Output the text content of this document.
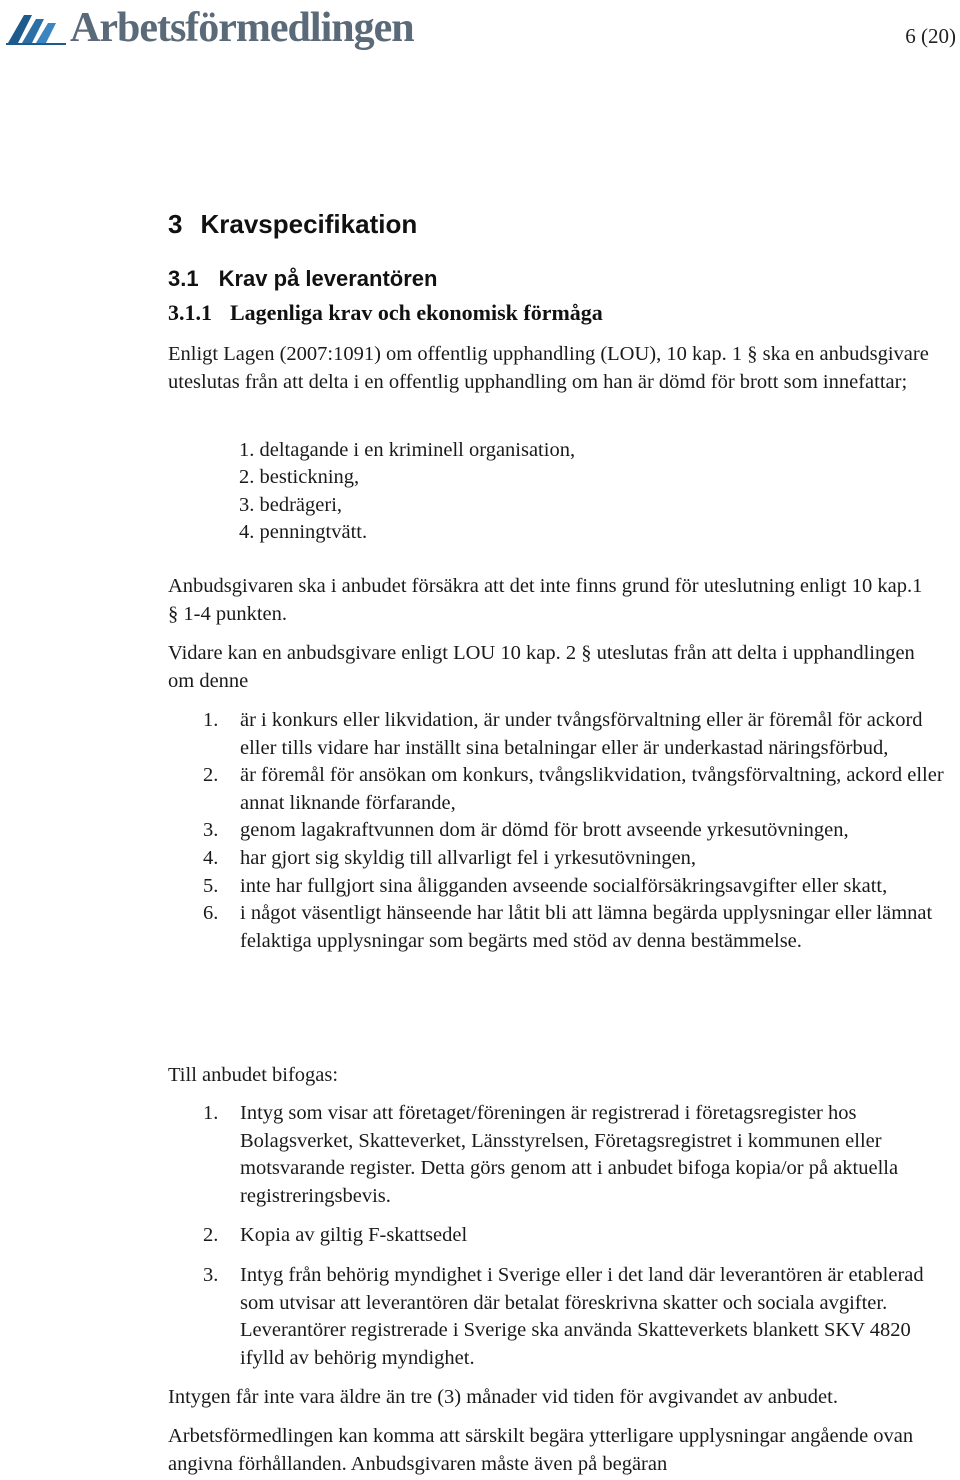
Arbetsförmedlingen	6 (20)
3 Kravspecifikation
3.1 Krav på leverantören
3.1.1 Lagenliga krav och ekonomisk förmåga

Enligt Lagen (2007:1091) om offentlig upphandling (LOU), 10 kap. 1 § ska en anbudsgivare uteslutas från att delta i en offentlig upphandling om han är dömd för brott som innefattar;

1. deltagande i en kriminell organisation,
2. bestickning,
3. bedrägeri,
4. penningtvätt.

Anbudsgivaren ska i anbudet försäkra att det inte finns grund för uteslutning enligt 10 kap.1 § 1-4 punkten.

Vidare kan en anbudsgivare enligt LOU 10 kap. 2 § uteslutas från att delta i upphandlingen om denne

1.	är i konkurs eller likvidation, är under tvångsförvaltning eller är föremål för ackord eller tills vidare har inställt sina betalningar eller är underkastad näringsförbud,
2.	är föremål för ansökan om konkurs, tvångslikvidation, tvångsförvaltning, ackord eller annat liknande förfarande,
3.	genom lagakraftvunnen dom är dömd för brott avseende yrkesutövningen,
4.	har gjort sig skyldig till allvarligt fel i yrkesutövningen,
5.	inte har fullgjort sina åligganden avseende socialförsäkringsavgifter eller skatt,
6.	i något väsentligt hänseende har låtit bli att lämna begärda upplysningar eller lämnat felaktiga upplysningar som begärts med stöd av denna bestämmelse.

Till anbudet bifogas:

1.	Intyg som visar att företaget/föreningen är registrerad i företagsregister hos Bolagsverket, Skatteverket, Länsstyrelsen, Företagsregistret i kommunen eller motsvarande register. Detta görs genom att i anbudet bifoga kopia/or på aktuella registreringsbevis.
2.	Kopia av giltig F-skattsedel
3.	Intyg från behörig myndighet i Sverige eller i det land där leverantören är etablerad som utvisar att leverantören där betalat föreskrivna skatter och sociala avgifter. Leverantörer registrerade i Sverige ska använda Skatteverkets blankett SKV 4820 ifylld av behörig myndighet.

Intygen får inte vara äldre än tre (3) månader vid tiden för avgivandet av anbudet.

Arbetsförmedlingen kan komma att särskilt begära ytterligare upplysningar angående ovan angivna förhållanden. Anbudsgivaren måste även på begäran
